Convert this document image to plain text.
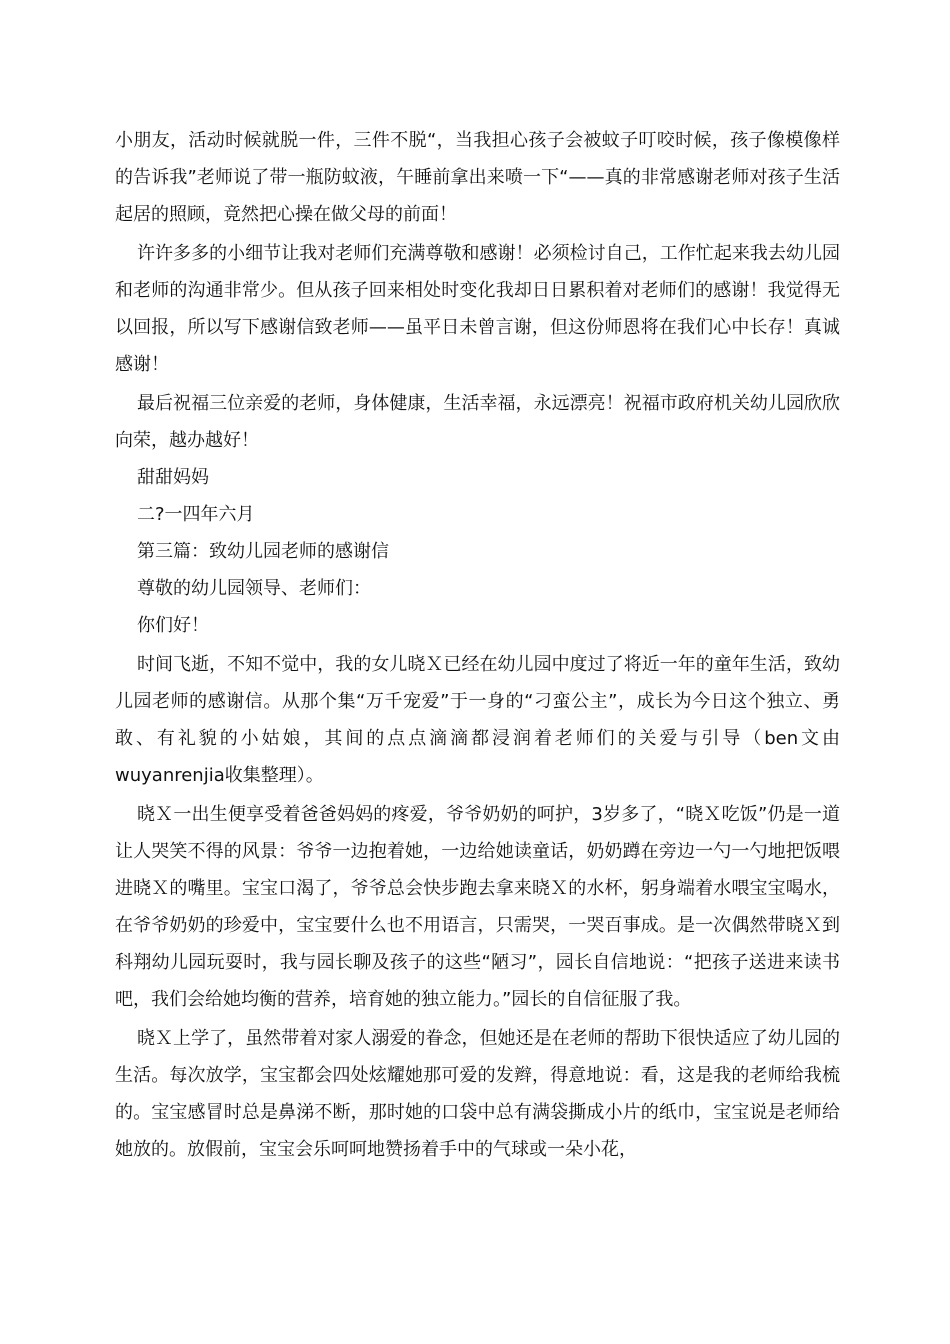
小朋友，活动时候就脱一件，三件不脱“，当我担心孩子会被蚊子叮咬时候，孩子像模像样的告诉我”老师说了带一瓶防蚊液，午睡前拿出来喷一下“——真的非常感谢老师对孩子生活起居的照顾，竟然把心操在做父母的前面！

许许多多的小细节让我对老师们充满尊敬和感谢！必须检讨自己，工作忙起来我去幼儿园和老师的沟通非常少。但从孩子回来相处时变化我却日日累积着对老师们的感谢！我觉得无以回报，所以写下感谢信致老师——虽平日未曾言谢，但这份师恩将在我们心中长存！真诚感谢！

最后祝福三位亲爱的老师，身体健康，生活幸福，永远漂亮！祝福市政府机关幼儿园欣欣向荣，越办越好！

甜甜妈妈

二?一四年六月

第三篇：致幼儿园老师的感谢信

尊敬的幼儿园领导、老师们：

你们好！

时间飞逝，不知不觉中，我的女儿晓Ｘ已经在幼儿园中度过了将近一年的童年生活，致幼儿园老师的感谢信。从那个集“万千宠爱”于一身的“刁蛮公主”，成长为今日这个独立、勇敢、有礼貌的小姑娘，其间的点点滴滴都浸润着老师们的关爱与引导（ben文由wuyanrenjia收集整理）。

晓Ｘ一出生便享受着爸爸妈妈的疼爱，爷爷奶奶的呵护，3岁多了，“晓Ｘ吃饭”仍是一道让人哭笑不得的风景：爷爷一边抱着她，一边给她读童话，奶奶蹲在旁边一勺一勺地把饭喂进晓Ｘ的嘴里。宝宝口渴了，爷爷总会快步跑去拿来晓Ｘ的水杯，躬身端着水喂宝宝喝水，在爷爷奶奶的珍爱中，宝宝要什么也不用语言，只需哭，一哭百事成。是一次偶然带晓Ｘ到科翔幼儿园玩耍时，我与园长聊及孩子的这些“陋习”，园长自信地说：“把孩子送进来读书吧，我们会给她均衡的营养，培育她的独立能力。”园长的自信征服了我。

晓Ｘ上学了，虽然带着对家人溺爱的眷念，但她还是在老师的帮助下很快适应了幼儿园的生活。每次放学，宝宝都会四处炫耀她那可爱的发辫，得意地说：看，这是我的老师给我梳的。宝宝感冒时总是鼻涕不断，那时她的口袋中总有满袋撕成小片的纸巾，宝宝说是老师给她放的。放假前，宝宝会乐呵呵地赞扬着手中的气球或一朵小花，
